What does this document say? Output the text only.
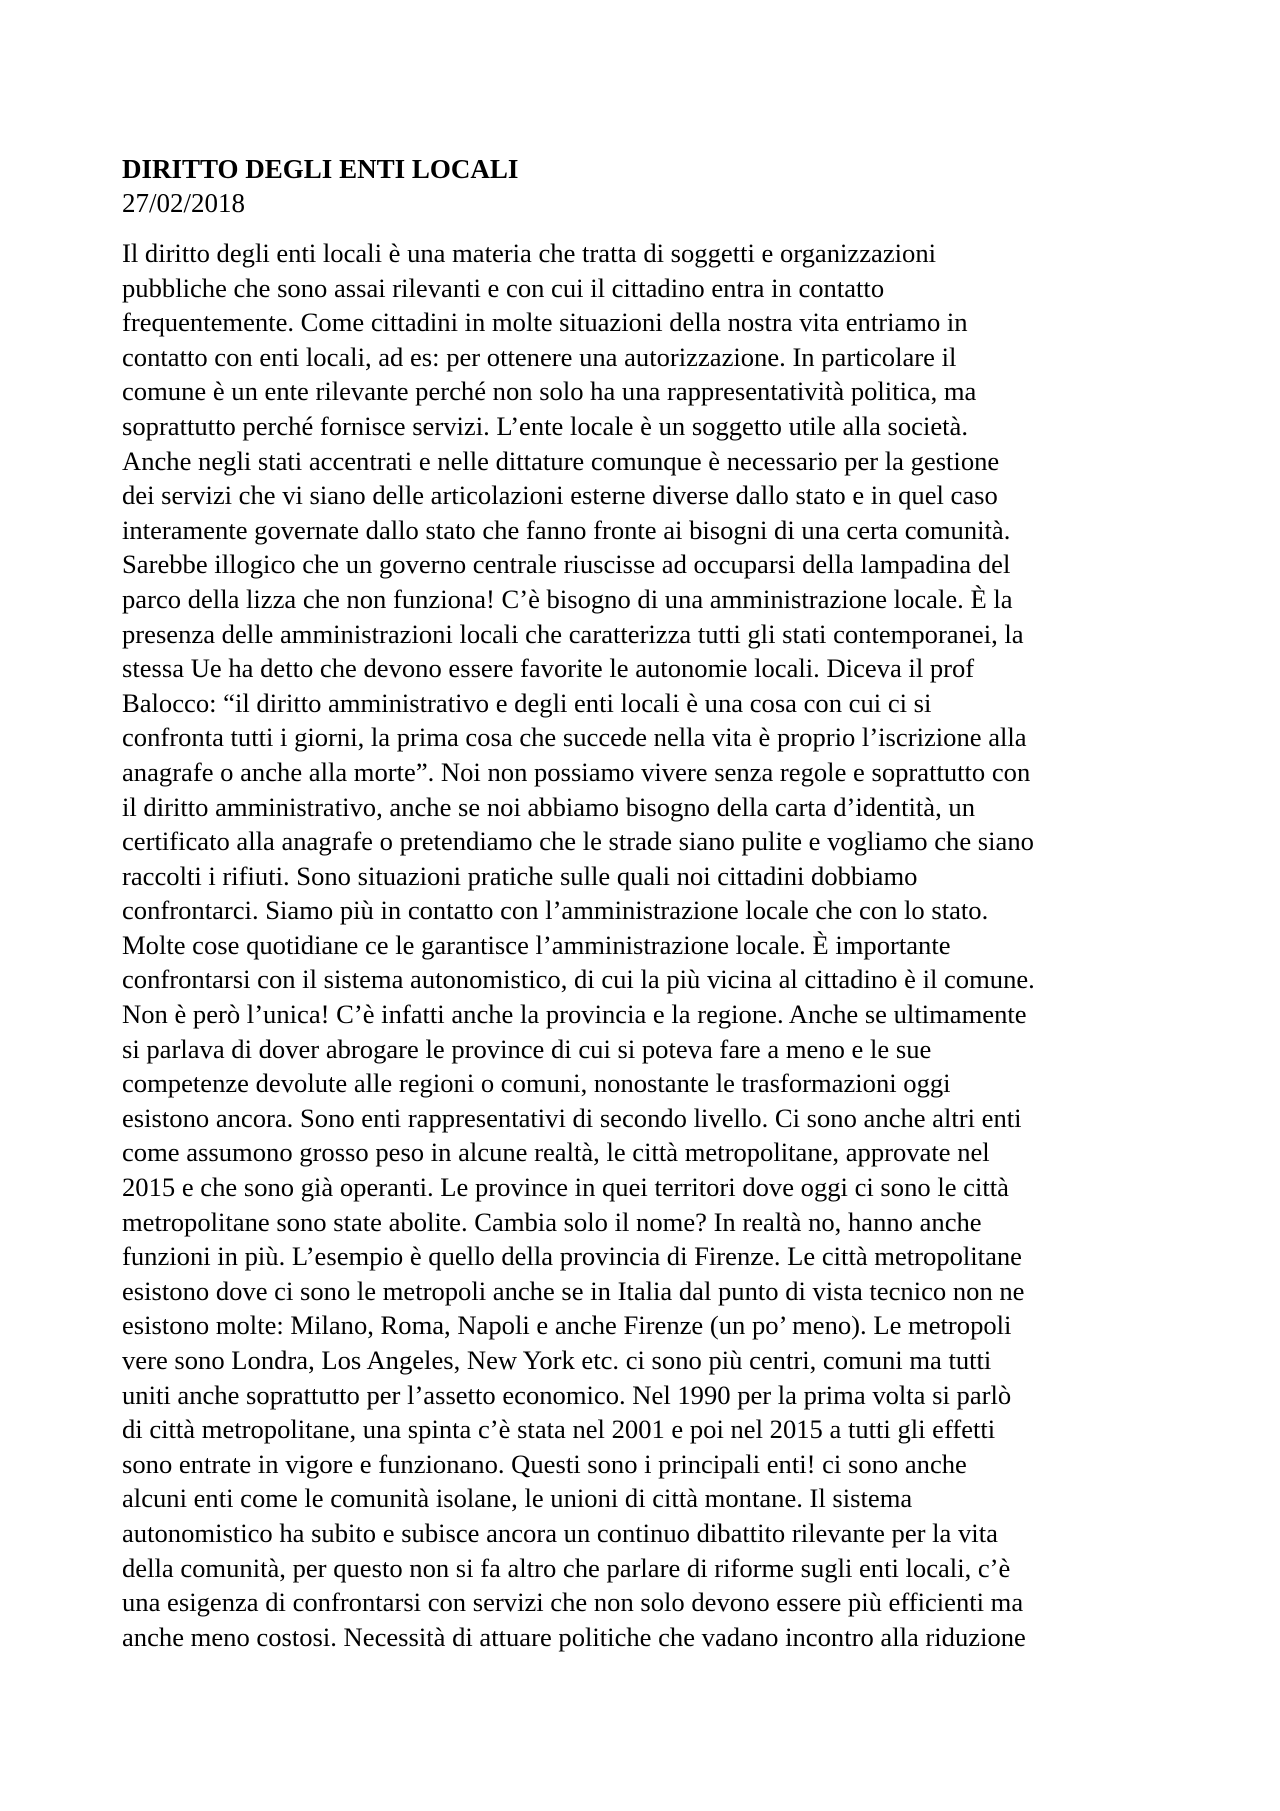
DIRITTO DEGLI ENTI LOCALI
27/02/2018
Il diritto degli enti locali è una materia che tratta di soggetti e organizzazioni
pubbliche che sono assai rilevanti e con cui il cittadino entra in contatto
frequentemente. Come cittadini in molte situazioni della nostra vita entriamo in
contatto con enti locali, ad es: per ottenere una autorizzazione. In particolare il
comune è un ente rilevante perché non solo ha una rappresentatività politica, ma
soprattutto perché fornisce servizi. L’ente locale è un soggetto utile alla società.
Anche negli stati accentrati e nelle dittature comunque è necessario per la gestione
dei servizi che vi siano delle articolazioni esterne diverse dallo stato e in quel caso
interamente governate dallo stato che fanno fronte ai bisogni di una certa comunità.
Sarebbe illogico che un governo centrale riuscisse ad occuparsi della lampadina del
parco della lizza che non funziona! C’è bisogno di una amministrazione locale. È la
presenza delle amministrazioni locali che caratterizza tutti gli stati contemporanei, la
stessa Ue ha detto che devono essere favorite le autonomie locali. Diceva il prof
Balocco: “il diritto amministrativo e degli enti locali è una cosa con cui ci si
confronta tutti i giorni, la prima cosa che succede nella vita è proprio l’iscrizione alla
anagrafe o anche alla morte”. Noi non possiamo vivere senza regole e soprattutto con
il diritto amministrativo, anche se noi abbiamo bisogno della carta d’identità, un
certificato alla anagrafe o pretendiamo che le strade siano pulite e vogliamo che siano
raccolti i rifiuti. Sono situazioni pratiche sulle quali noi cittadini dobbiamo
confrontarci. Siamo più in contatto con l’amministrazione locale che con lo stato.
Molte cose quotidiane ce le garantisce l’amministrazione locale. È importante
confrontarsi con il sistema autonomistico, di cui la più vicina al cittadino è il comune.
Non è però l’unica! C’è infatti anche la provincia e la regione. Anche se ultimamente
si parlava di dover abrogare le province di cui si poteva fare a meno e le sue
competenze devolute alle regioni o comuni, nonostante le trasformazioni oggi
esistono ancora. Sono enti rappresentativi di secondo livello. Ci sono anche altri enti
come assumono grosso peso in alcune realtà, le città metropolitane, approvate nel
2015 e che sono già operanti. Le province in quei territori dove oggi ci sono le città
metropolitane sono state abolite. Cambia solo il nome? In realtà no, hanno anche
funzioni in più. L’esempio è quello della provincia di Firenze. Le città metropolitane
esistono dove ci sono le metropoli anche se in Italia dal punto di vista tecnico non ne
esistono molte: Milano, Roma, Napoli e anche Firenze (un po’ meno). Le metropoli
vere sono Londra, Los Angeles, New York etc. ci sono più centri, comuni ma tutti
uniti anche soprattutto per l’assetto economico. Nel 1990 per la prima volta si parlò
di città metropolitane, una spinta c’è stata nel 2001 e poi nel 2015 a tutti gli effetti
sono entrate in vigore e funzionano. Questi sono i principali enti! ci sono anche
alcuni enti come le comunità isolane, le unioni di città montane. Il sistema
autonomistico ha subito e subisce ancora un continuo dibattito rilevante per la vita
della comunità, per questo non si fa altro che parlare di riforme sugli enti locali, c’è
una esigenza di confrontarsi con servizi che non solo devono essere più efficienti ma
anche meno costosi. Necessità di attuare politiche che vadano incontro alla riduzione
